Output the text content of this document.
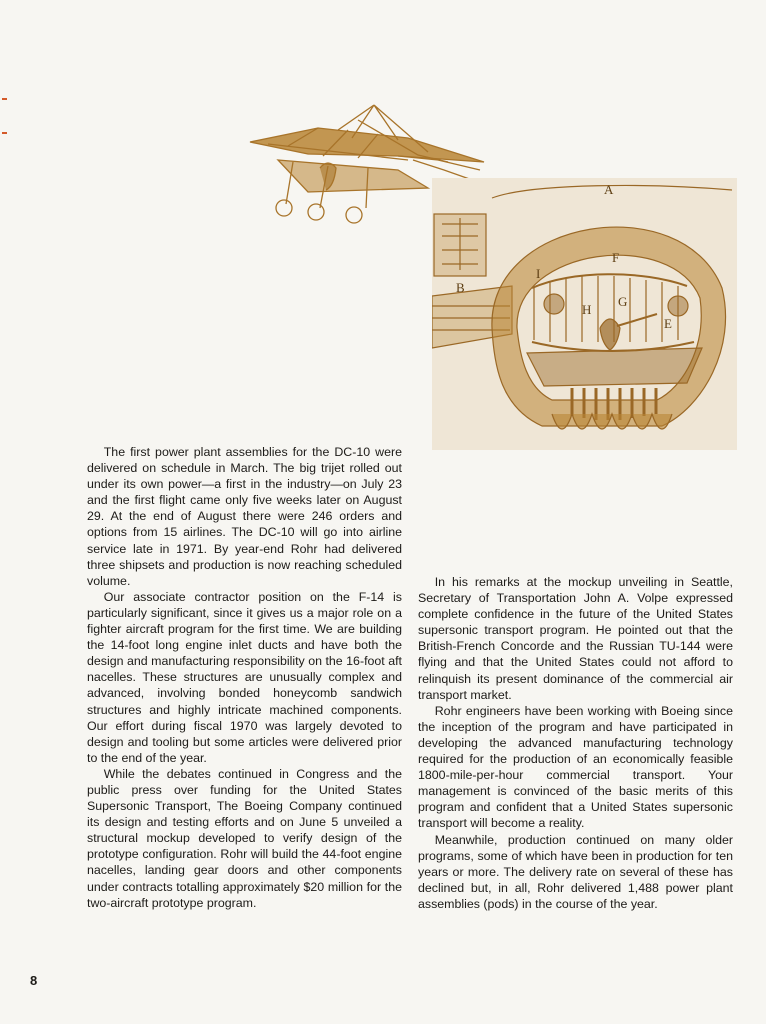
A
F
I
H
G
E
B

The first power plant assemblies for the DC-10 were delivered on schedule in March. The big trijet rolled out under its own power—a first in the industry—on July 23 and the first flight came only five weeks later on August 29. At the end of August there were 246 orders and options from 15 airlines. The DC-10 will go into airline service late in 1971. By year-end Rohr had delivered three shipsets and production is now reaching scheduled volume.

Our associate contractor position on the F-14 is particularly significant, since it gives us a major role on a fighter aircraft program for the first time. We are building the 14-foot long engine inlet ducts and have both the design and manufacturing responsibility on the 16-foot aft nacelles. These structures are unusually complex and advanced, involving bonded honeycomb sandwich structures and highly intricate machined components. Our effort during fiscal 1970 was largely devoted to design and tooling but some articles were delivered prior to the end of the year.

While the debates continued in Congress and the public press over funding for the United States Supersonic Transport, The Boeing Company continued its design and testing efforts and on June 5 unveiled a structural mockup developed to verify design of the prototype configuration. Rohr will build the 44-foot engine nacelles, landing gear doors and other components under contracts totalling approximately $20 million for the two-aircraft prototype program.

In his remarks at the mockup unveiling in Seattle, Secretary of Transportation John A. Volpe expressed complete confidence in the future of the United States supersonic transport program. He pointed out that the British-French Concorde and the Russian TU-144 were flying and that the United States could not afford to relinquish its present dominance of the commercial air transport market.

Rohr engineers have been working with Boeing since the inception of the program and have participated in developing the advanced manufacturing technology required for the production of an economically feasible 1800-mile-per-hour commercial transport. Your management is convinced of the basic merits of this program and confident that a United States supersonic transport will become a reality.

Meanwhile, production continued on many older programs, some of which have been in production for ten years or more. The delivery rate on several of these has declined but, in all, Rohr delivered 1,488 power plant assemblies (pods) in the course of the year.

8
